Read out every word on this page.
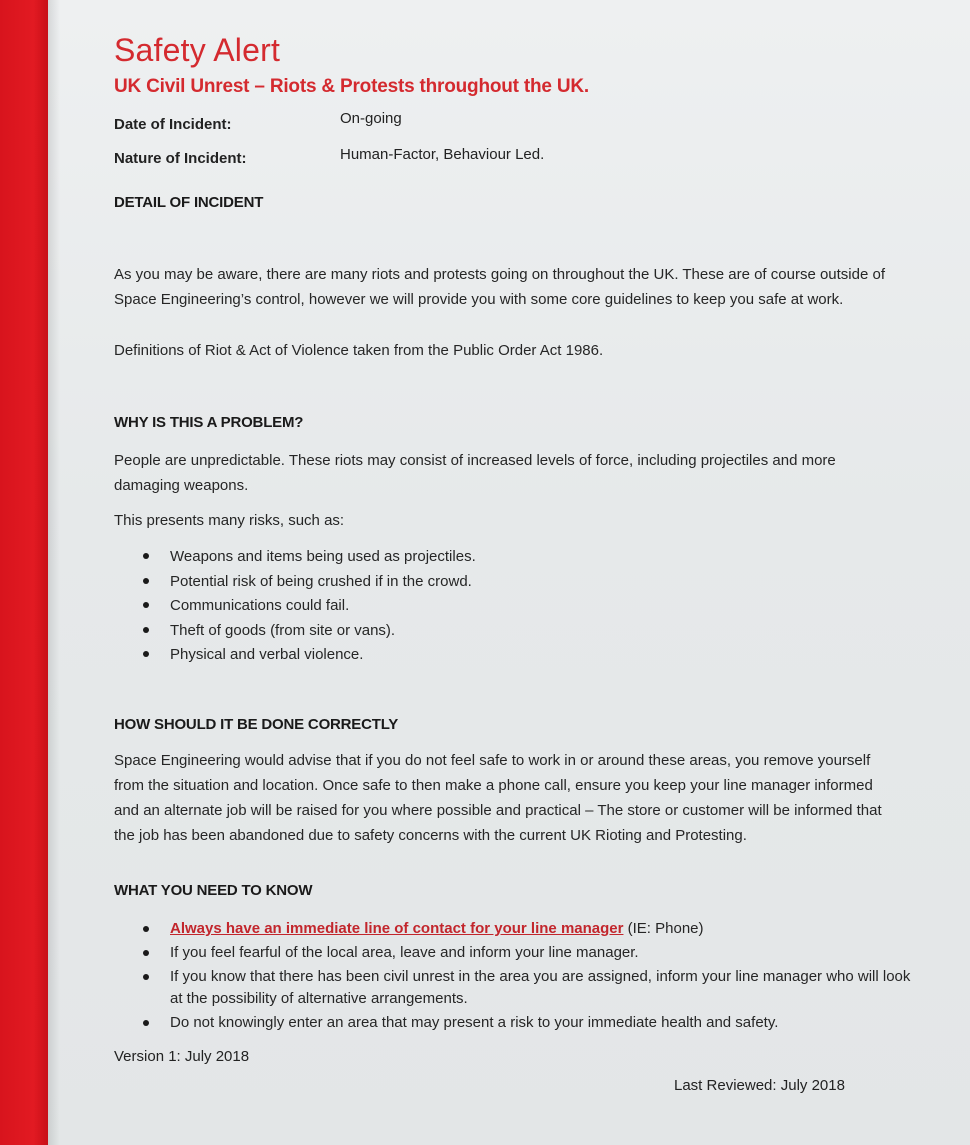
Safety Alert
UK Civil Unrest – Riots & Protests throughout the UK.
Date of Incident:	On-going
Nature of Incident:	Human-Factor, Behaviour Led.
DETAIL OF INCIDENT
As you may be aware, there are many riots and protests going on throughout the UK. These are of course outside of Space Engineering’s control, however we will provide you with some core guidelines to keep you safe at work.
Definitions of Riot & Act of Violence taken from the Public Order Act 1986.
WHY IS THIS A PROBLEM?
People are unpredictable. These riots may consist of increased levels of force, including projectiles and more damaging weapons.
This presents many risks, such as:
Weapons and items being used as projectiles.
Potential risk of being crushed if in the crowd.
Communications could fail.
Theft of goods (from site or vans).
Physical and verbal violence.
HOW SHOULD IT BE DONE CORRECTLY
Space Engineering would advise that if you do not feel safe to work in or around these areas, you remove yourself from the situation and location. Once safe to then make a phone call, ensure you keep your line manager informed and an alternate job will be raised for you where possible and practical – The store or customer will be informed that the job has been abandoned due to safety concerns with the current UK Rioting and Protesting.
WHAT YOU NEED TO KNOW
Always have an immediate line of contact for your line manager (IE: Phone)
If you feel fearful of the local area, leave and inform your line manager.
If you know that there has been civil unrest in the area you are assigned, inform your line manager who will look at the possibility of alternative arrangements.
Do not knowingly enter an area that may present a risk to your immediate health and safety.
Version 1: July 2018
Last Reviewed: July 2018
